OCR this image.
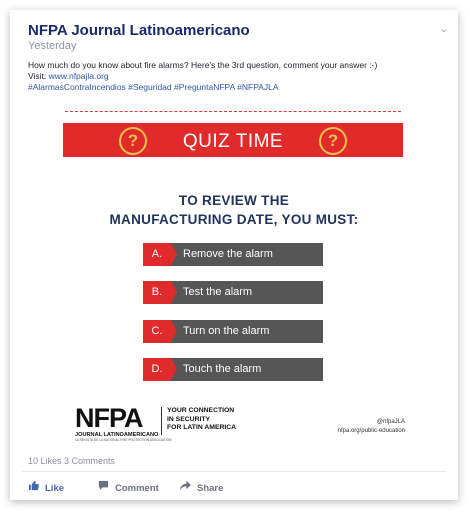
NFPA Journal Latinoamericano
Yesterday
⌄
How much do you know about fire alarms? Here's the 3rd question, comment your answer :-)
Visit: www.nfpajla.org
#AlarmasContraIncendios #Seguridad #PreguntaNFPA #NFPAJLA
?	QUIZ TIME	?
TO REVIEW THE
MANUFACTURING DATE, YOU MUST:
A.	Remove the alarm
B.	Test the alarm
C.	Turn on the alarm
D.	Touch the alarm
NFPA
JOURNAL LATINOAMERICANO
LA REVISTA DE LA NATIONAL FIRE PROTECTION ASSOCIATION
YOUR CONNECTION
IN SECURITY
FOR LATIN AMERICA
@nfpaJLA
nfpa.org/public-education
10 Likes 3 Comments
Like	Comment	Share
